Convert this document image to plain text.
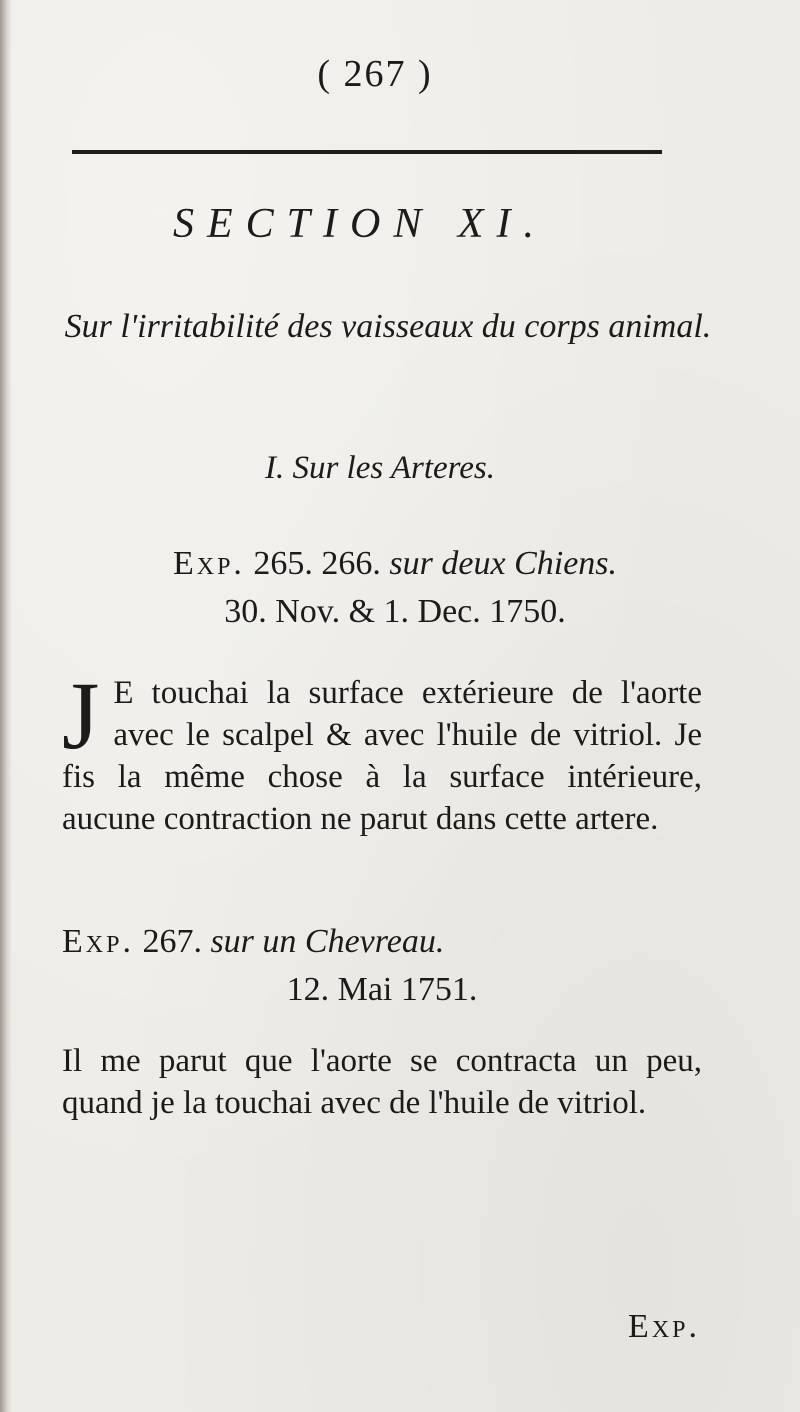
( 267 )
SECTION XI.
Sur l'irritabilité des vaisseaux du corps animal.
I. Sur les Arteres.
Exp. 265. 266. sur deux Chiens.
30. Nov. & 1. Dec. 1750.
J E touchai la surface extérieure de l'aorte avec le scalpel & avec l'huile de vitriol. Je fis la même chose à la surface intérieure, aucune contraction ne parut dans cette artere.
Exp. 267. sur un Chevreau.
12. Mai 1751.
Il me parut que l'aorte se contracta un peu, quand je la touchai avec de l'huile de vitriol.
Exp.
